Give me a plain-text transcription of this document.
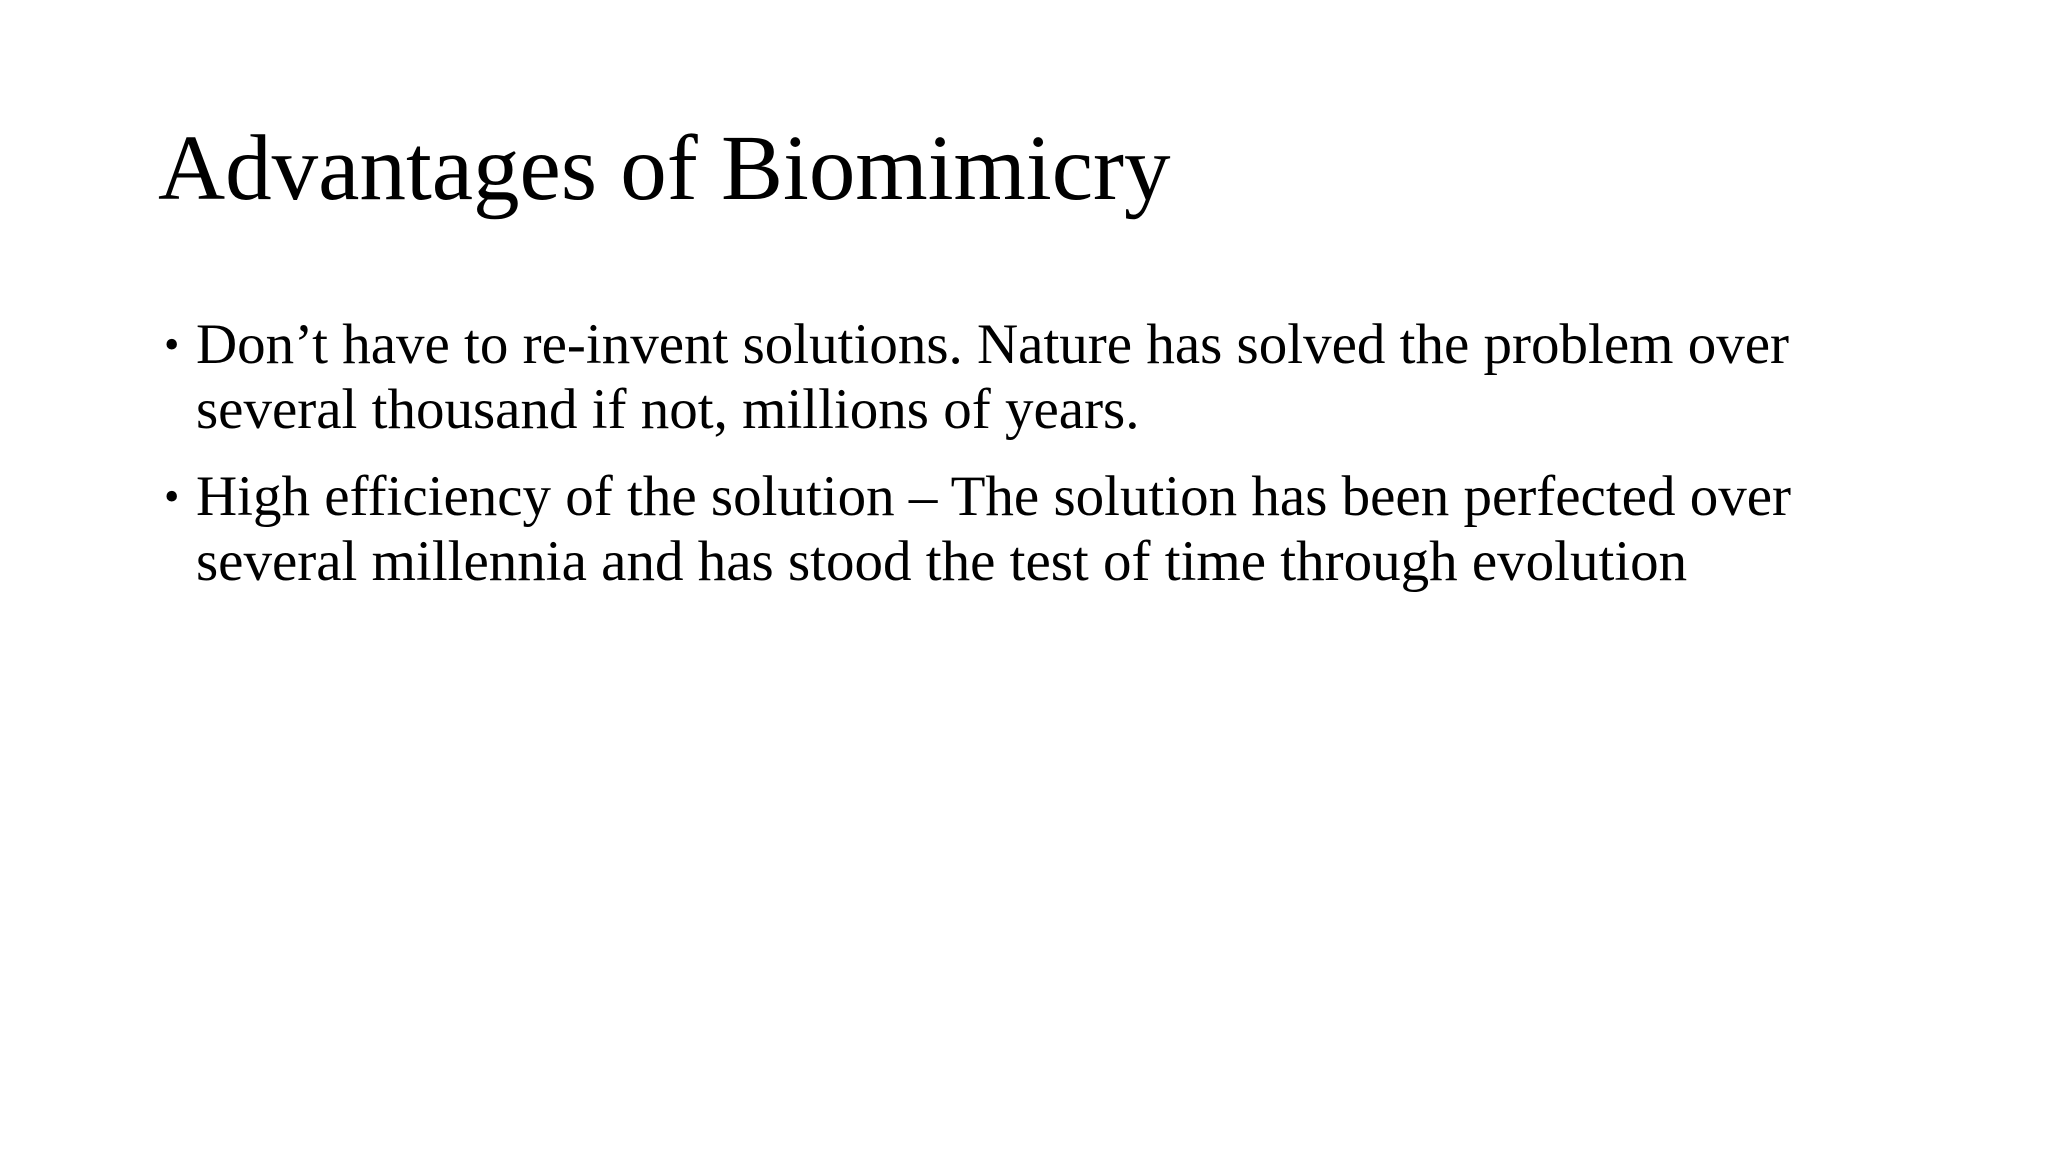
Advantages of Biomimicry
• Don’t have to re-invent solutions. Nature has solved the problem over several thousand if not, millions of years.
• High efficiency of the solution – The solution has been perfected over several millennia and has stood the test of time through evolution
